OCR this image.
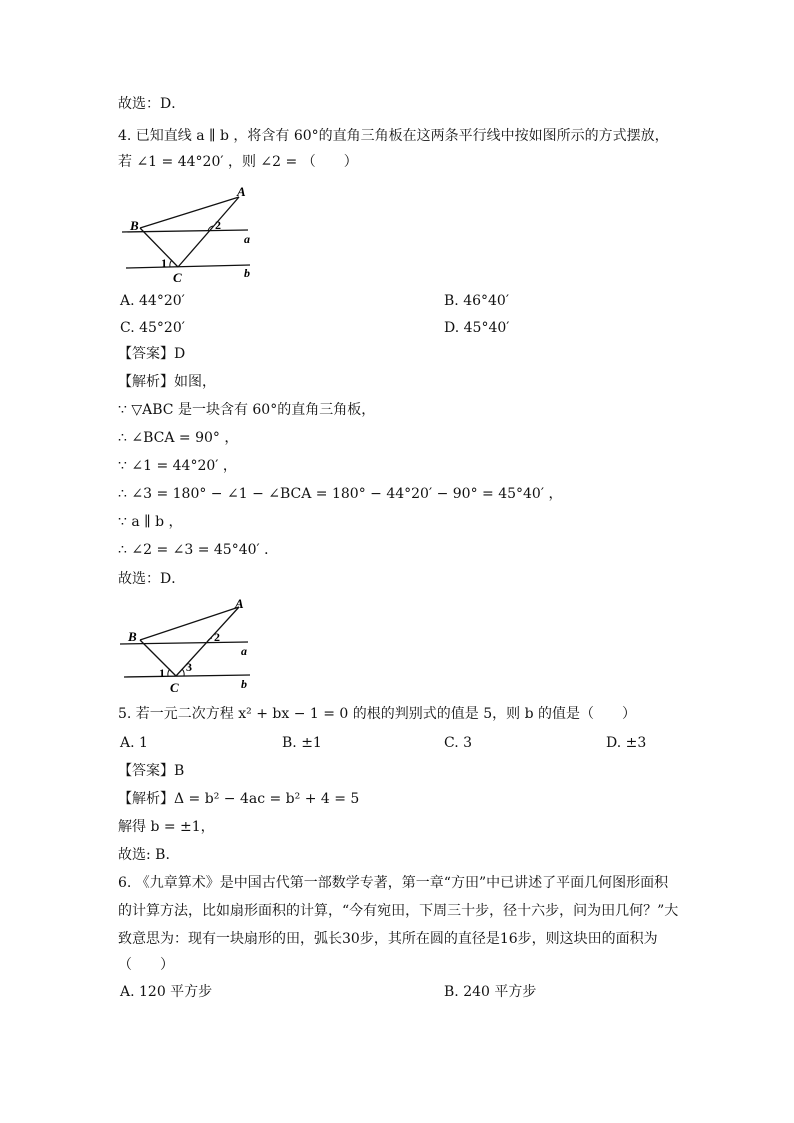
故选：D．
4. 已知直线 a ∥ b ，将含有 60°的直角三角板在这两条平行线中按如图所示的方式摆放，
若 ∠1 = 44°20′ ，则 ∠2 = （　　）
A
B
C
a
b
1
2
A. 44°20′	B. 46°40′
C. 45°20′	D. 45°40′
【答案】D
【解析】如图，
∵ ▽ABC 是一块含有 60°的直角三角板，
∴ ∠BCA = 90° ，
∵ ∠1 = 44°20′ ，
∴ ∠3 = 180° − ∠1 − ∠BCA = 180° − 44°20′ − 90° = 45°40′ ，
∵ a ∥ b ，
∴ ∠2 = ∠3 = 45°40′ ．
故选：D．
A
B
C
a
b
1 3
2
5. 若一元二次方程 x² + bx − 1 = 0 的根的判别式的值是 5，则 b 的值是（　　）
A. 1	B. ±1	C. 3	D. ±3
【答案】B
【解析】Δ = b² − 4ac = b² + 4 = 5
解得 b = ±1，
故选: B.
6. 《九章算术》是中国古代第一部数学专著，第一章“方田”中已讲述了平面几何图形面积
的计算方法，比如扇形面积的计算，“今有宛田，下周三十步，径十六步，问为田几何？”大
致意思为：现有一块扇形的田，弧长30步，其所在圆的直径是16步，则这块田的面积为
（　　）
A. 120 平方步	B. 240 平方步
